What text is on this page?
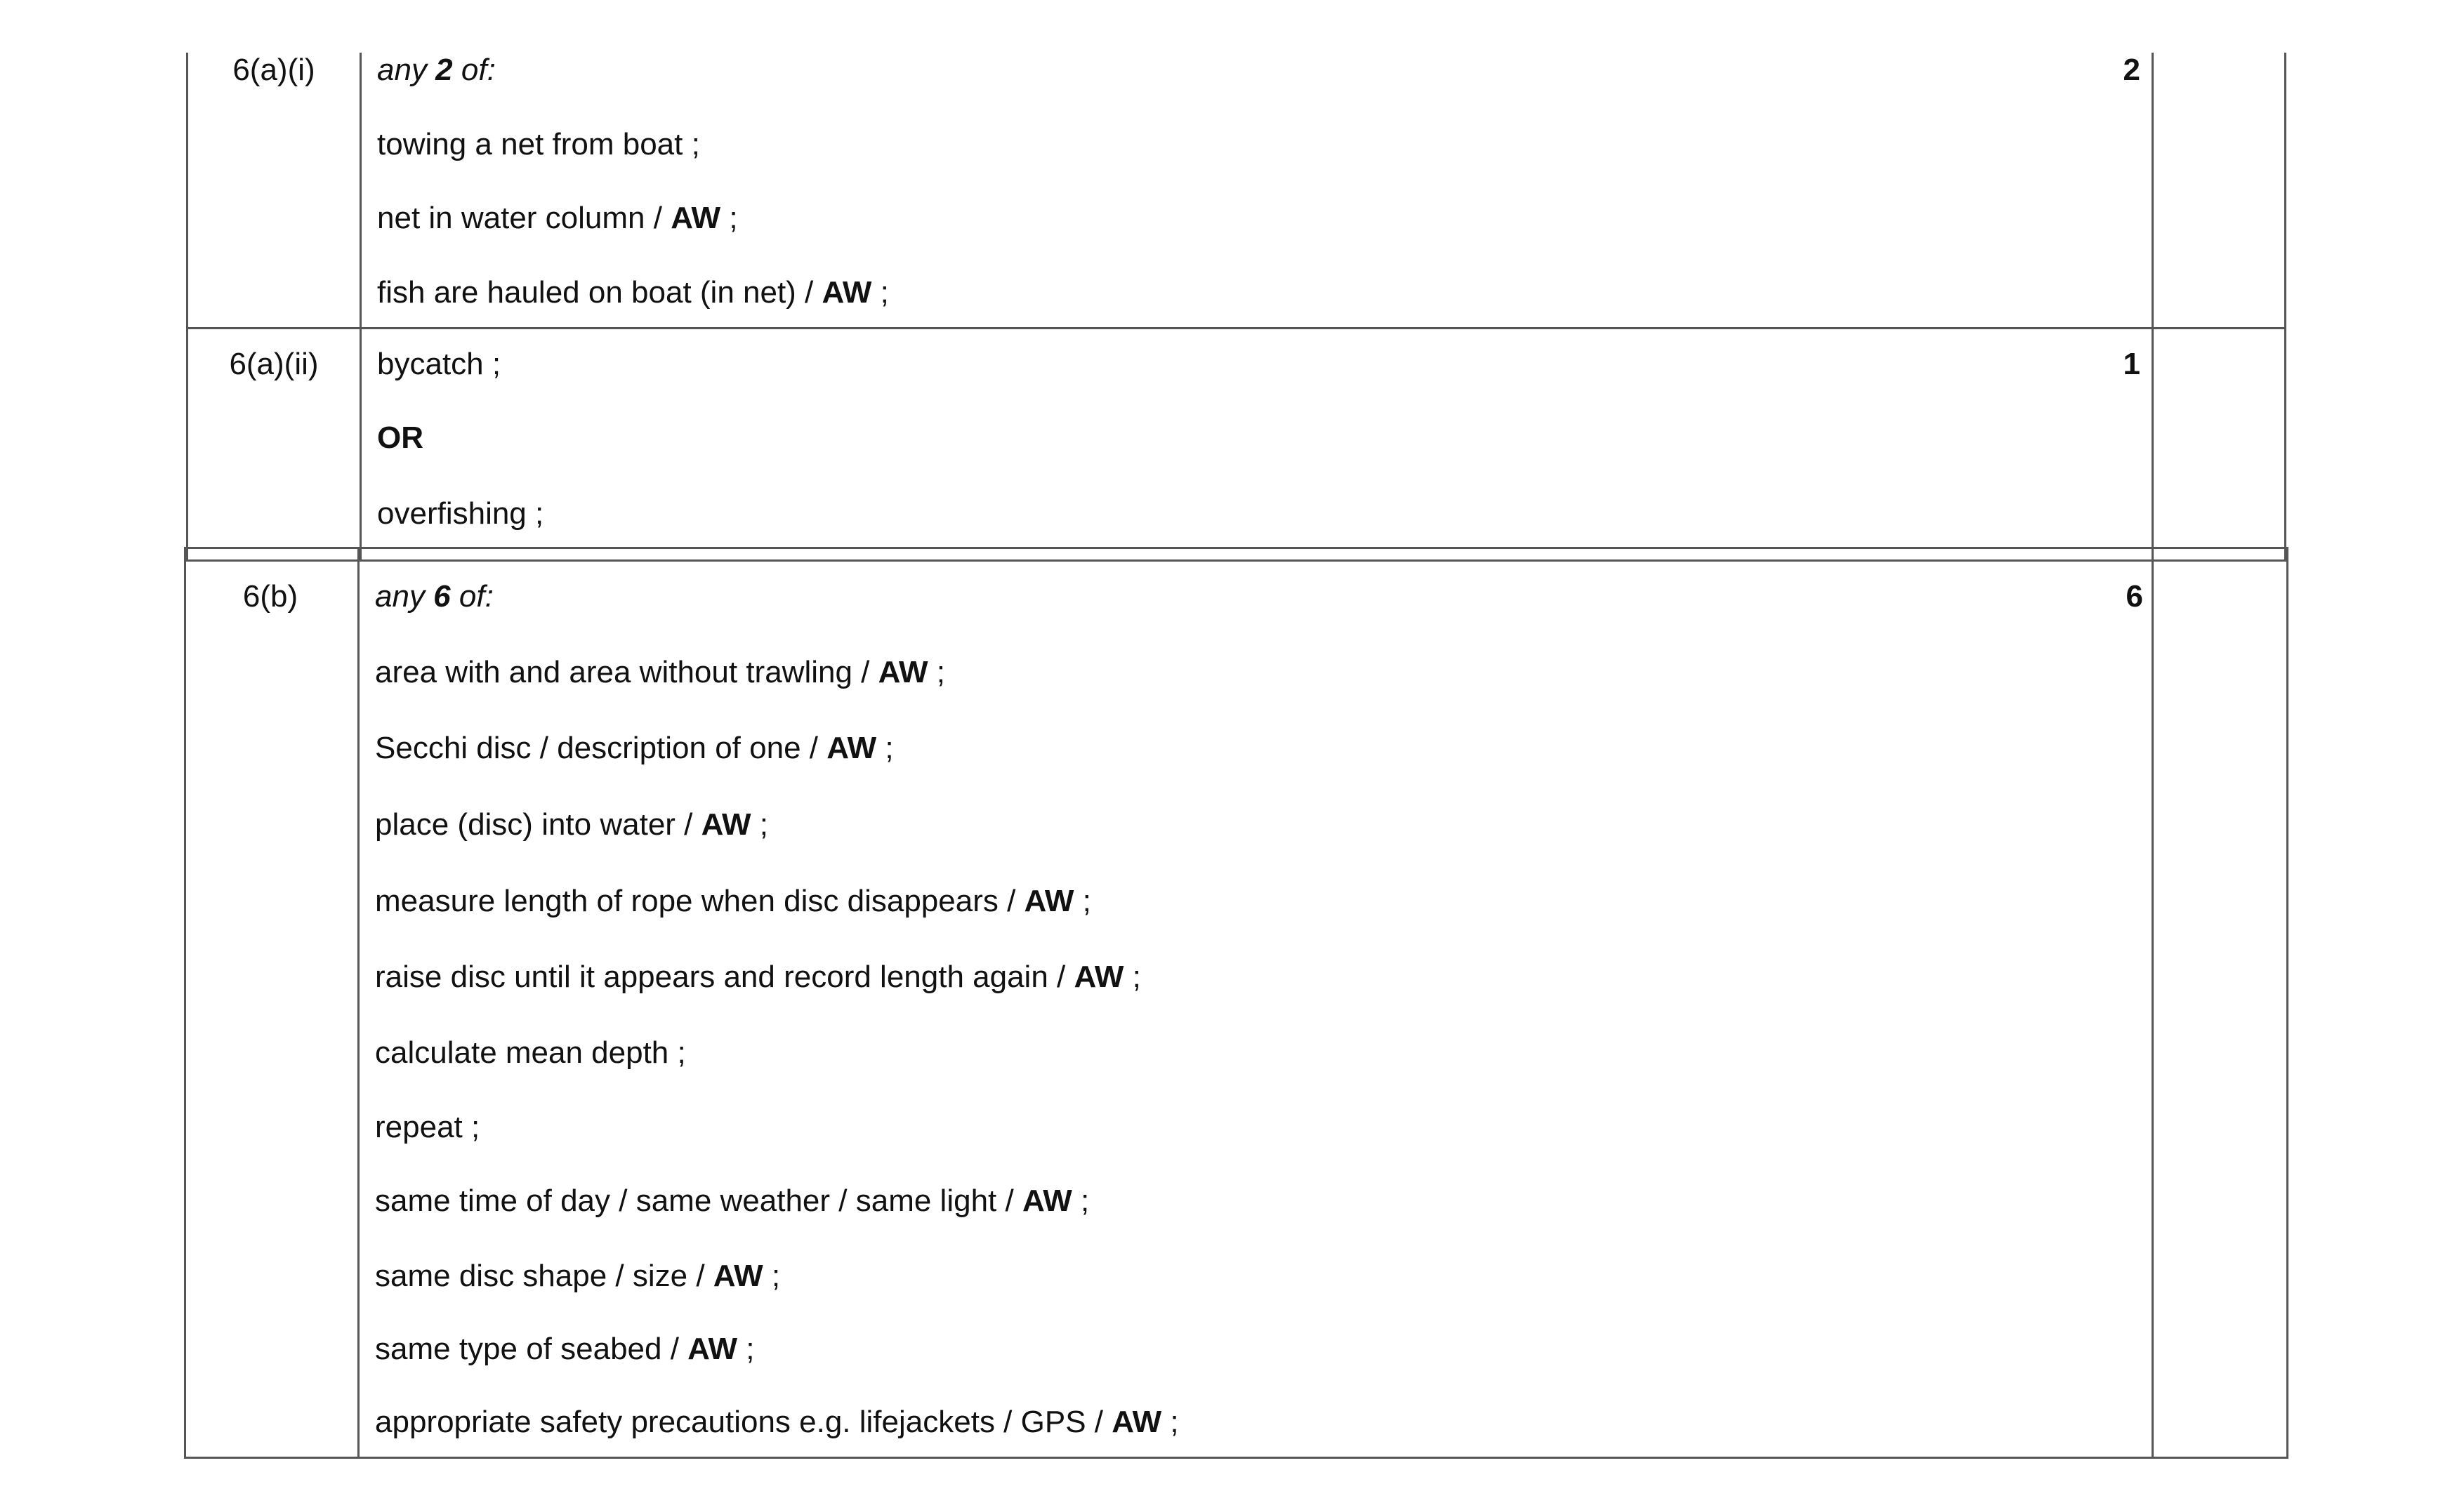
6(a)(i)	2
any 2 of:
towing a net from boat ;
net in water column / AW ;
fish are hauled on boat (in net) / AW ;
6(a)(ii)	1
bycatch ;
OR
overfishing ;
6(b)	6
any 6 of:
area with and area without trawling / AW ;
Secchi disc / description of one / AW ;
place (disc) into water / AW ;
measure length of rope when disc disappears / AW ;
raise disc until it appears and record length again / AW ;
calculate mean depth ;
repeat ;
same time of day / same weather / same light / AW ;
same disc shape / size / AW ;
same type of seabed / AW ;
appropriate safety precautions e.g. lifejackets / GPS / AW ;
